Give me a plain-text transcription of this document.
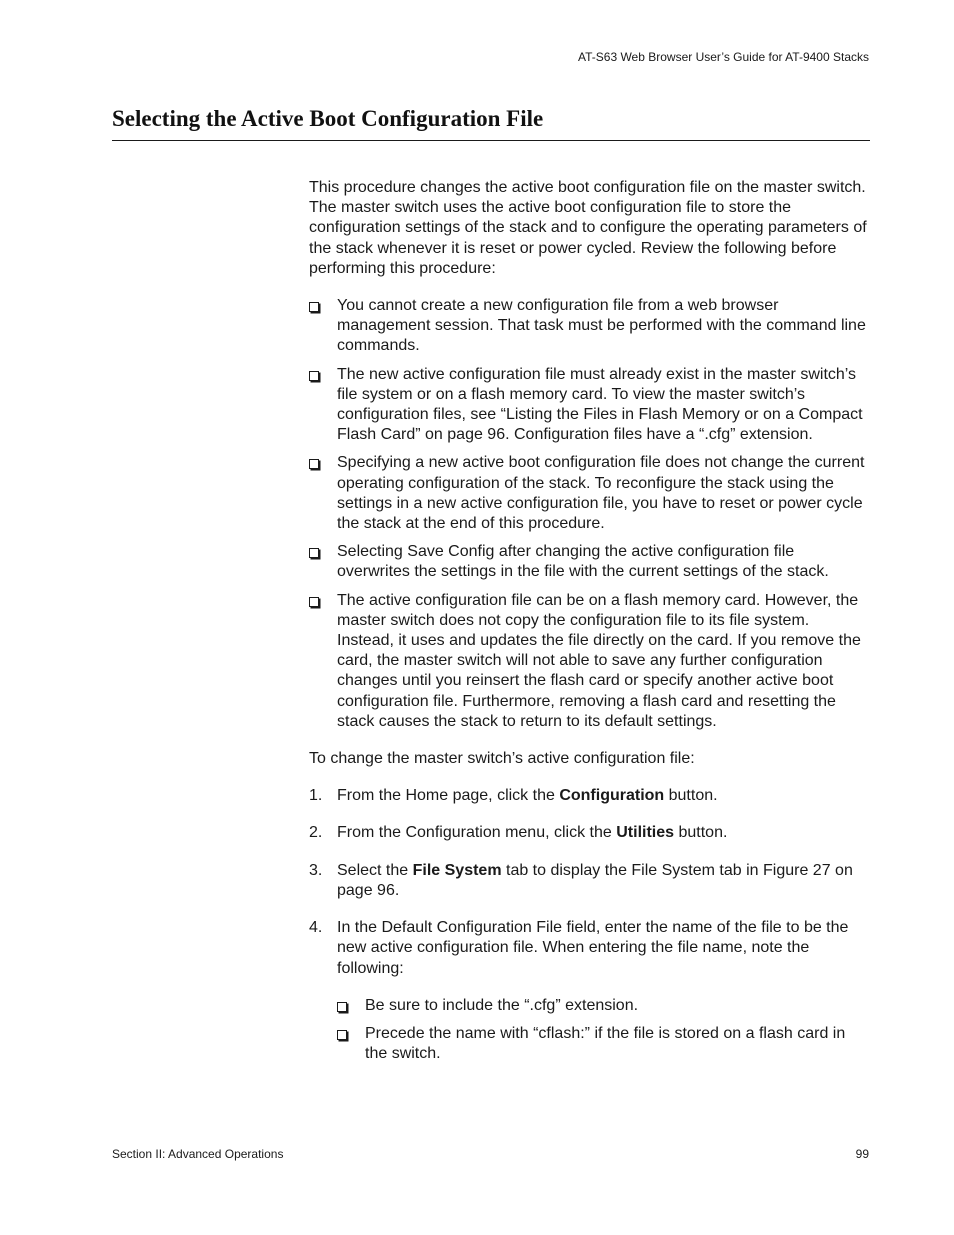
AT-S63 Web Browser User’s Guide for AT-9400 Stacks
Selecting the Active Boot Configuration File

This procedure changes the active boot configuration file on the master switch. The master switch uses the active boot configuration file to store the configuration settings of the stack and to configure the operating parameters of the stack whenever it is reset or power cycled. Review the following before performing this procedure:

You cannot create a new configuration file from a web browser management session. That task must be performed with the command line commands.
The new active configuration file must already exist in the master switch’s file system or on a flash memory card. To view the master switch’s configuration files, see “Listing the Files in Flash Memory or on a Compact Flash Card” on page 96. Configuration files have a “.cfg” extension.
Specifying a new active boot configuration file does not change the current operating configuration of the stack. To reconfigure the stack using the settings in a new active configuration file, you have to reset or power cycle the stack at the end of this procedure.
Selecting Save Config after changing the active configuration file overwrites the settings in the file with the current settings of the stack.
The active configuration file can be on a flash memory card. However, the master switch does not copy the configuration file to its file system. Instead, it uses and updates the file directly on the card. If you remove the card, the master switch will not able to save any further configuration changes until you reinsert the flash card or specify another active boot configuration file. Furthermore, removing a flash card and resetting the stack causes the stack to return to its default settings.

To change the master switch’s active configuration file:

1. From the Home page, click the Configuration button.
2. From the Configuration menu, click the Utilities button.
3. Select the File System tab to display the File System tab in Figure 27 on page 96.
4. In the Default Configuration File field, enter the name of the file to be the new active configuration file. When entering the file name, note the following:
Be sure to include the “.cfg” extension.
Precede the name with “cflash:” if the file is stored on a flash card in the switch.
Section II: Advanced Operations	99
